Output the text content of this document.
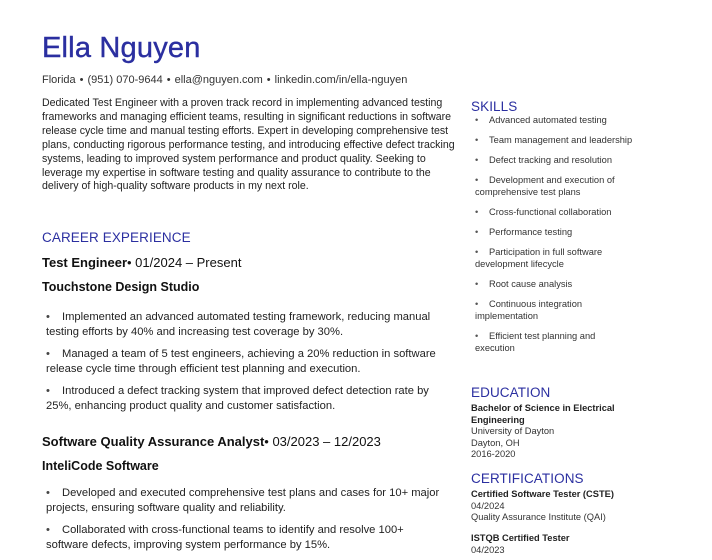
Ella Nguyen
Florida • (951) 070-9644 • ella@nguyen.com • linkedin.com/in/ella-nguyen

Dedicated Test Engineer with a proven track record in implementing advanced testing frameworks and managing efficient teams, resulting in significant reductions in software release cycle time and manual testing efforts. Expert in developing comprehensive test plans, conducting rigorous performance testing, and introducing effective defect tracking systems, leading to improved system performance and product quality. Seeking to leverage my expertise in software testing and quality assurance to contribute to the delivery of high-quality software products in my next role.

CAREER EXPERIENCE
Test Engineer• 01/2024 – Present
Touchstone Design Studio
• Implemented an advanced automated testing framework, reducing manual testing efforts by 40% and increasing test coverage by 30%.
• Managed a team of 5 test engineers, achieving a 20% reduction in software release cycle time through efficient test planning and execution.
• Introduced a defect tracking system that improved defect detection rate by 25%, enhancing product quality and customer satisfaction.
Software Quality Assurance Analyst• 03/2023 – 12/2023
InteliCode Software
• Developed and executed comprehensive test plans and cases for 10+ major projects, ensuring software quality and reliability.
• Collaborated with cross-functional teams to identify and resolve 100+ software defects, improving system performance by 15%.
SKILLS
• Advanced automated testing
• Team management and leadership
• Defect tracking and resolution
• Development and execution of comprehensive test plans
• Cross-functional collaboration
• Performance testing
• Participation in full software development lifecycle
• Root cause analysis
• Continuous integration implementation
• Efficient test planning and execution
EDUCATION
Bachelor of Science in Electrical Engineering
University of Dayton
Dayton, OH
2016-2020
CERTIFICATIONS
Certified Software Tester (CSTE)
04/2024
Quality Assurance Institute (QAI)
ISTQB Certified Tester
04/2023
